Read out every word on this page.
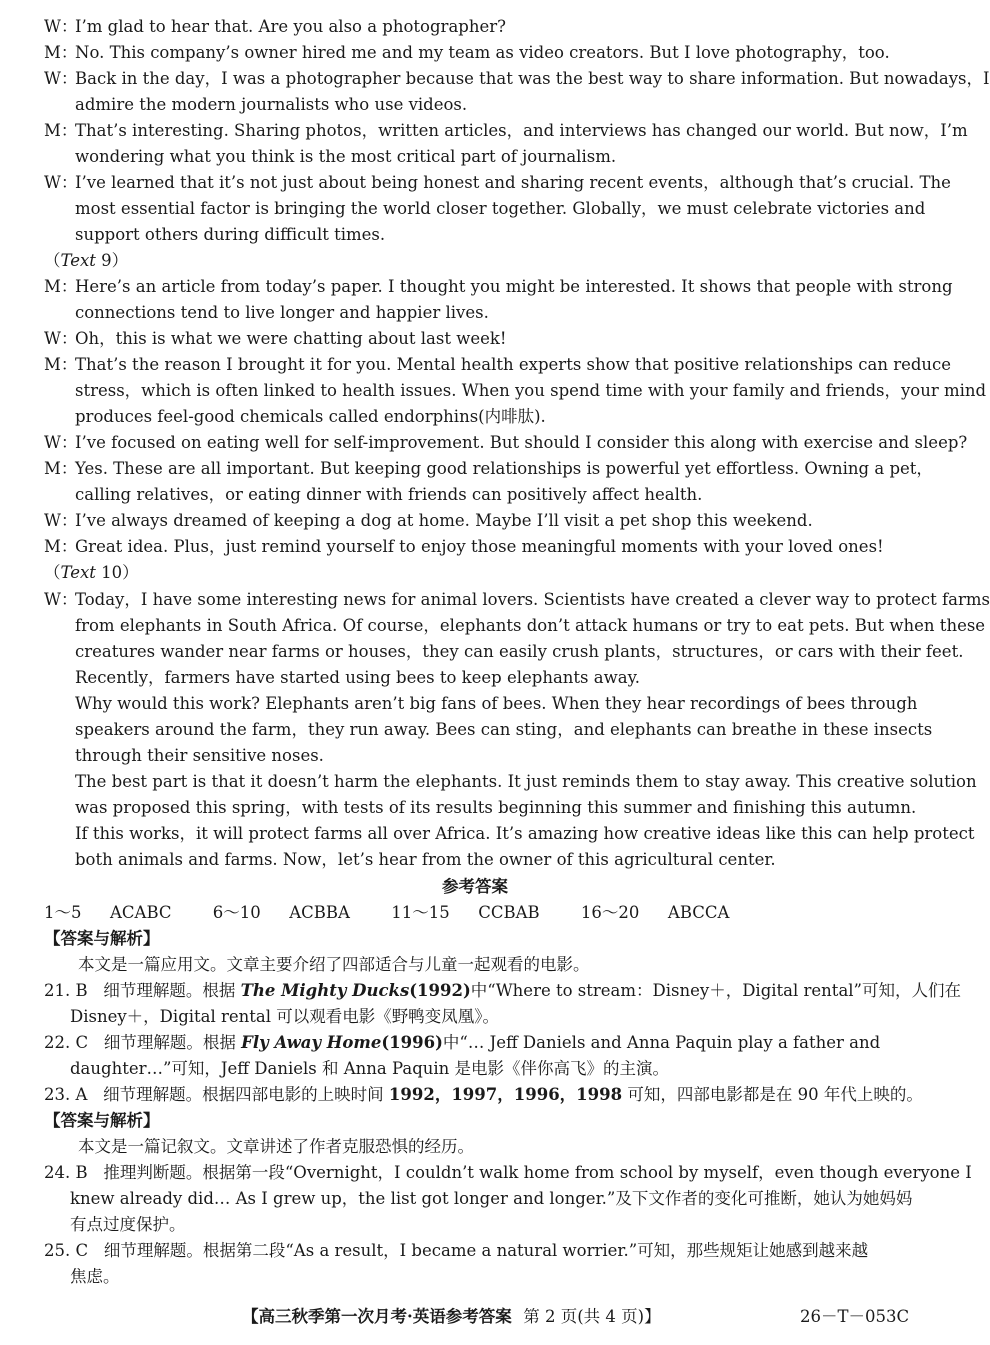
W：I’m glad to hear that. Are you also a photographer?
M：No. This company’s owner hired me and my team as video creators. But I love photography，too.
W：Back in the day，I was a photographer because that was the best way to share information. But nowadays，I
admire the modern journalists who use videos.
M：That’s interesting. Sharing photos，written articles，and interviews has changed our world. But now，I’m
wondering what you think is the most critical part of journalism.
W：I’ve learned that it’s not just about being honest and sharing recent events，although that’s crucial. The
most essential factor is bringing the world closer together. Globally，we must celebrate victories and
support others during difficult times.
（Text 9）
M：Here’s an article from today’s paper. I thought you might be interested. It shows that people with strong
connections tend to live longer and happier lives.
W：Oh，this is what we were chatting about last week!
M：That’s the reason I brought it for you. Mental health experts show that positive relationships can reduce
stress，which is often linked to health issues. When you spend time with your family and friends，your mind
produces feel-good chemicals called endorphins(内啡肽).
W：I’ve focused on eating well for self-improvement. But should I consider this along with exercise and sleep?
M：Yes. These are all important. But keeping good relationships is powerful yet effortless. Owning a pet，
calling relatives，or eating dinner with friends can positively affect health.
W：I’ve always dreamed of keeping a dog at home. Maybe I’ll visit a pet shop this weekend.
M：Great idea. Plus，just remind yourself to enjoy those meaningful moments with your loved ones!
（Text 10）
W：Today，I have some interesting news for animal lovers. Scientists have created a clever way to protect farms
from elephants in South Africa. Of course，elephants don’t attack humans or try to eat pets. But when these
creatures wander near farms or houses，they can easily crush plants，structures，or cars with their feet.
Recently，farmers have started using bees to keep elephants away.
Why would this work? Elephants aren’t big fans of bees. When they hear recordings of bees through
speakers around the farm，they run away. Bees can sting，and elephants can breathe in these insects
through their sensitive noses.
The best part is that it doesn’t harm the elephants. It just reminds them to stay away. This creative solution
was proposed this spring，with tests of its results beginning this summer and finishing this autumn.
If this works，it will protect farms all over Africa. It’s amazing how creative ideas like this can help protect
both animals and farms. Now，let’s hear from the owner of this agricultural center.
参考答案
1～5 ACABC	6～10 ACBBA	11～15 CCBAB	16～20 ABCCA
【答案与解析】
本文是一篇应用文。文章主要介绍了四部适合与儿童一起观看的电影。
21. B 细节理解题。根据 The Mighty Ducks(1992)中“Where to stream：Disney＋，Digital rental”可知，人们在
Disney＋，Digital rental 可以观看电影《野鸭变凤凰》。
22. C 细节理解题。根据 Fly Away Home(1996)中“… Jeff Daniels and Anna Paquin play a father and
daughter…”可知，Jeff Daniels 和 Anna Paquin 是电影《伴你高飞》的主演。
23. A 细节理解题。根据四部电影的上映时间 1992，1997，1996，1998 可知，四部电影都是在 90 年代上映的。
【答案与解析】
本文是一篇记叙文。文章讲述了作者克服恐惧的经历。
24. B 推理判断题。根据第一段“Overnight，I couldn’t walk home from school by myself，even though everyone I
knew already did… As I grew up，the list got longer and longer.”及下文作者的变化可推断，她认为她妈妈
有点过度保护。
25. C 细节理解题。根据第二段“As a result，I became a natural worrier.”可知，那些规矩让她感到越来越
焦虑。
【高三秋季第一次月考·英语参考答案 第 2 页(共 4 页)】	26－T－053C
